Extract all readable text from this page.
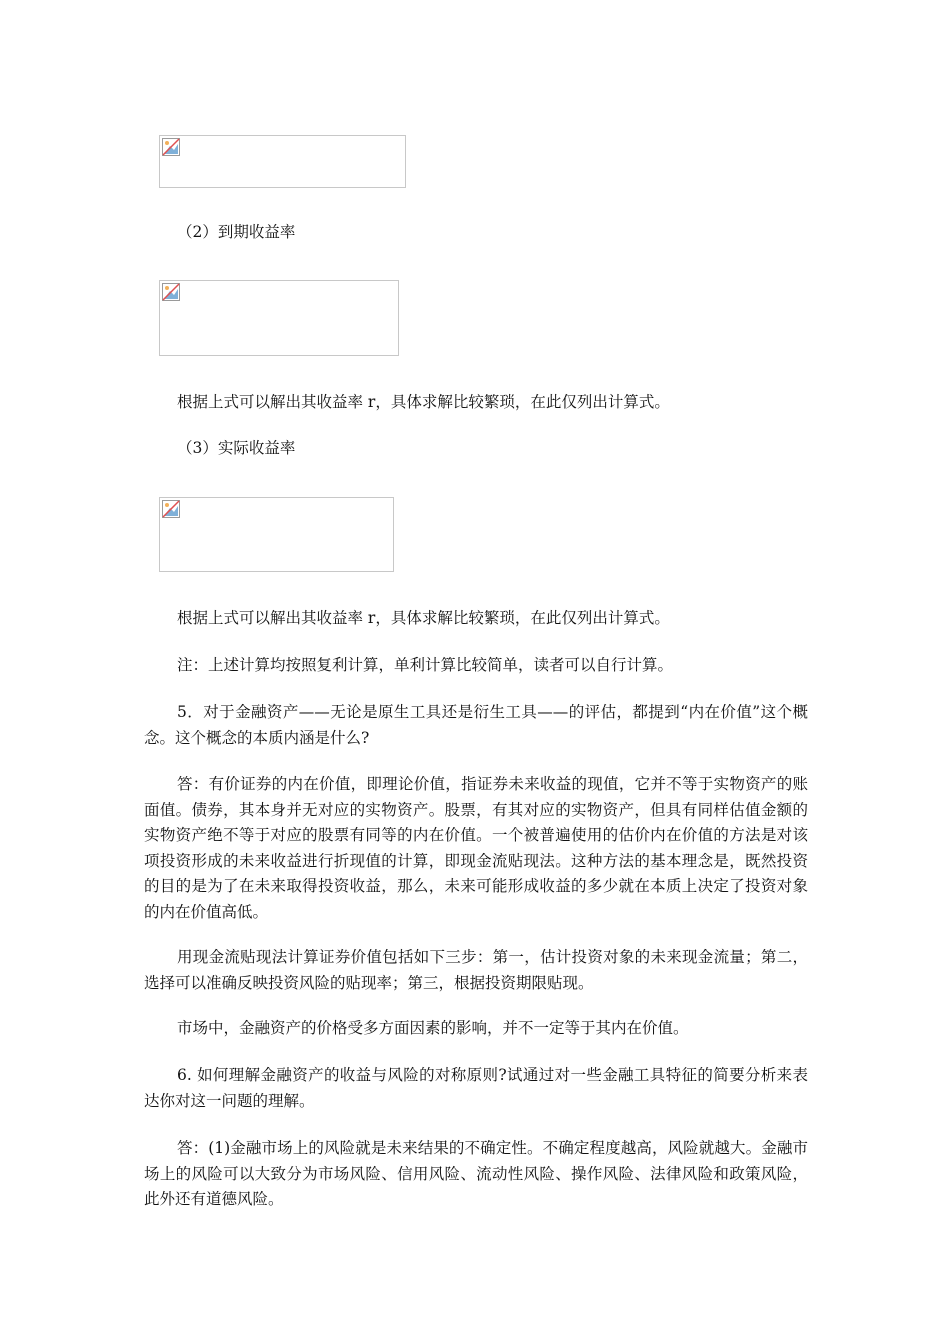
（2）到期收益率
根据上式可以解出其收益率 r，具体求解比较繁琐，在此仅列出计算式。
（3）实际收益率
根据上式可以解出其收益率 r，具体求解比较繁琐，在此仅列出计算式。
注：上述计算均按照复利计算，单利计算比较简单，读者可以自行计算。

5．对于金融资产——无论是原生工具还是衍生工具——的评估，都提到“内在价值”这个概念。这个概念的本质内涵是什么?

答：有价证券的内在价值，即理论价值，指证券未来收益的现值，它并不等于实物资产的账面值。债券，其本身并无对应的实物资产。股票，有其对应的实物资产，但具有同样估值金额的实物资产绝不等于对应的股票有同等的内在价值。一个被普遍使用的估价内在价值的方法是对该项投资形成的未来收益进行折现值的计算，即现金流贴现法。这种方法的基本理念是，既然投资的目的是为了在未来取得投资收益，那么，未来可能形成收益的多少就在本质上决定了投资对象的内在价值高低。

用现金流贴现法计算证券价值包括如下三步：第一，估计投资对象的未来现金流量；第二，选择可以准确反映投资风险的贴现率；第三，根据投资期限贴现。

市场中，金融资产的价格受多方面因素的影响，并不一定等于其内在价值。

6. 如何理解金融资产的收益与风险的对称原则?试通过对一些金融工具特征的简要分析来表达你对这一问题的理解。

答：(1)金融市场上的风险就是未来结果的不确定性。不确定程度越高，风险就越大。金融市场上的风险可以大致分为市场风险、信用风险、流动性风险、操作风险、法律风险和政策风险，此外还有道德风险。
